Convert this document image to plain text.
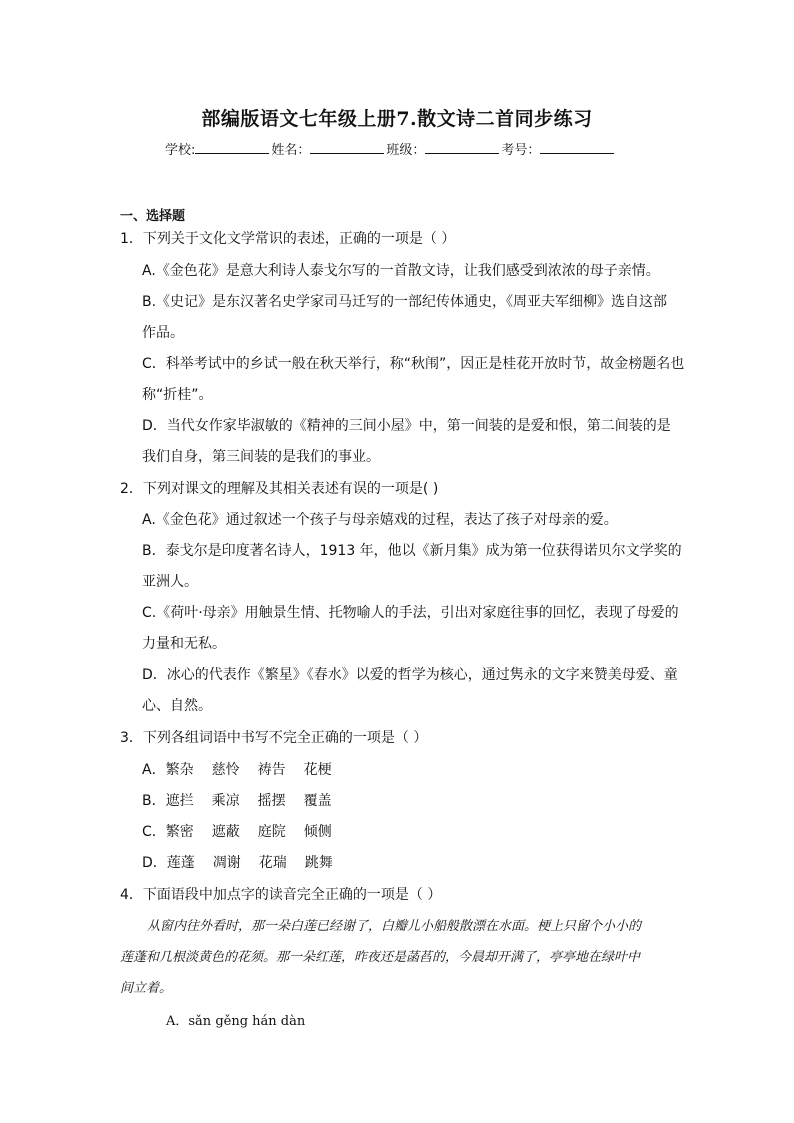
部编版语文七年级上册7.散文诗二首同步练习
学校:	姓名：	班级：	考号：
一、选择题
1．下列关于文化文学常识的表述，正确的一项是（ ）
A.《金色花》是意大利诗人泰戈尔写的一首散文诗，让我们感受到浓浓的母子亲情。
B.《史记》是东汉著名史学家司马迁写的一部纪传体通史，《周亚夫军细柳》选自这部
作品。
C．科举考试中的乡试一般在秋天举行，称“秋闱”，因正是桂花开放时节，故金榜题名也
称“折桂”。
D．当代女作家毕淑敏的《精神的三间小屋》中，第一间装的是爱和恨，第二间装的是
我们自身，第三间装的是我们的事业。
2．下列对课文的理解及其相关表述有误的一项是( )
A.《金色花》通过叙述一个孩子与母亲嬉戏的过程，表达了孩子对母亲的爱。
B．泰戈尔是印度著名诗人，1913 年，他以《新月集》成为第一位获得诺贝尔文学奖的
亚洲人。
C.《荷叶·母亲》用触景生情、托物喻人的手法，引出对家庭往事的回忆，表现了母爱的
力量和无私。
D．冰心的代表作《繁星》《春水》以爱的哲学为核心，通过隽永的文字来赞美母爱、童
心、自然。
3．下列各组词语中书写不完全正确的一项是（ ）
A．繁杂 慈怜 祷告 花梗
B．遮拦 乘凉 摇摆 覆盖
C．繁密 遮蔽 庭院 倾侧
D．莲蓬 凋谢 花瑞 跳舞
4．下面语段中加点字的读音完全正确的一项是（ ）
从窗内往外看时，那一朵白莲已经谢了，白瓣儿小船般散漂在水面。梗上只留个小小的
莲蓬和几根淡黄色的花须。那一朵红莲，昨夜还是菡萏的，今晨却开满了，亭亭地在绿叶中
间立着。
A．sǎn gěng hán dàn
